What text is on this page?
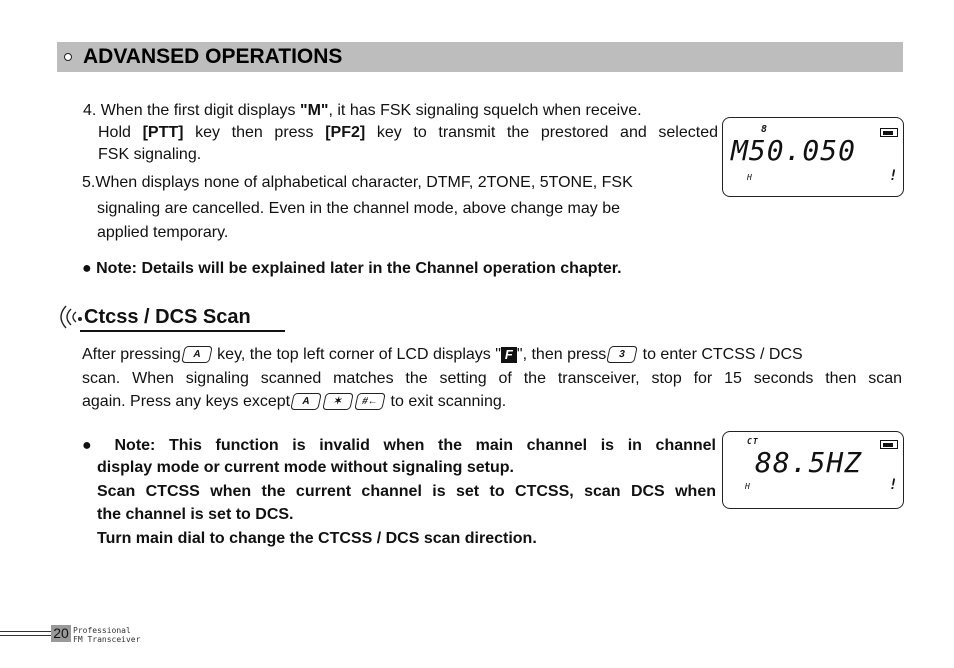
ADVANSED OPERATIONS
4. When the first digit displays "M", it has FSK signaling squelch when receive.
Hold [PTT] key then press [PF2] key to transmit the prestored and selected
FSK signaling.
5.When displays none of alphabetical character, DTMF, 2TONE, 5TONE, FSK
signaling are cancelled. Even in the channel mode, above change may be
applied temporary.
● Note: Details will be explained later in the Channel operation chapter.
8
M50.050
H	!
Ctcss / DCS Scan
After pressing A key, the top left corner of LCD displays " F ", then press 3 to enter CTCSS / DCS
scan. When signaling scanned matches the setting of the transceiver, stop for 15 seconds then scan
again. Press any keys except A ✶ #← to exit scanning.
● Note: This function is invalid when the main channel is in channel
display mode or current mode without signaling setup.
Scan CTCSS when the current channel is set to CTCSS, scan DCS when
the channel is set to DCS.
Turn main dial to change the CTCSS / DCS scan direction.
CT
88.5HZ
H	!
20 Professional
FM Transceiver
